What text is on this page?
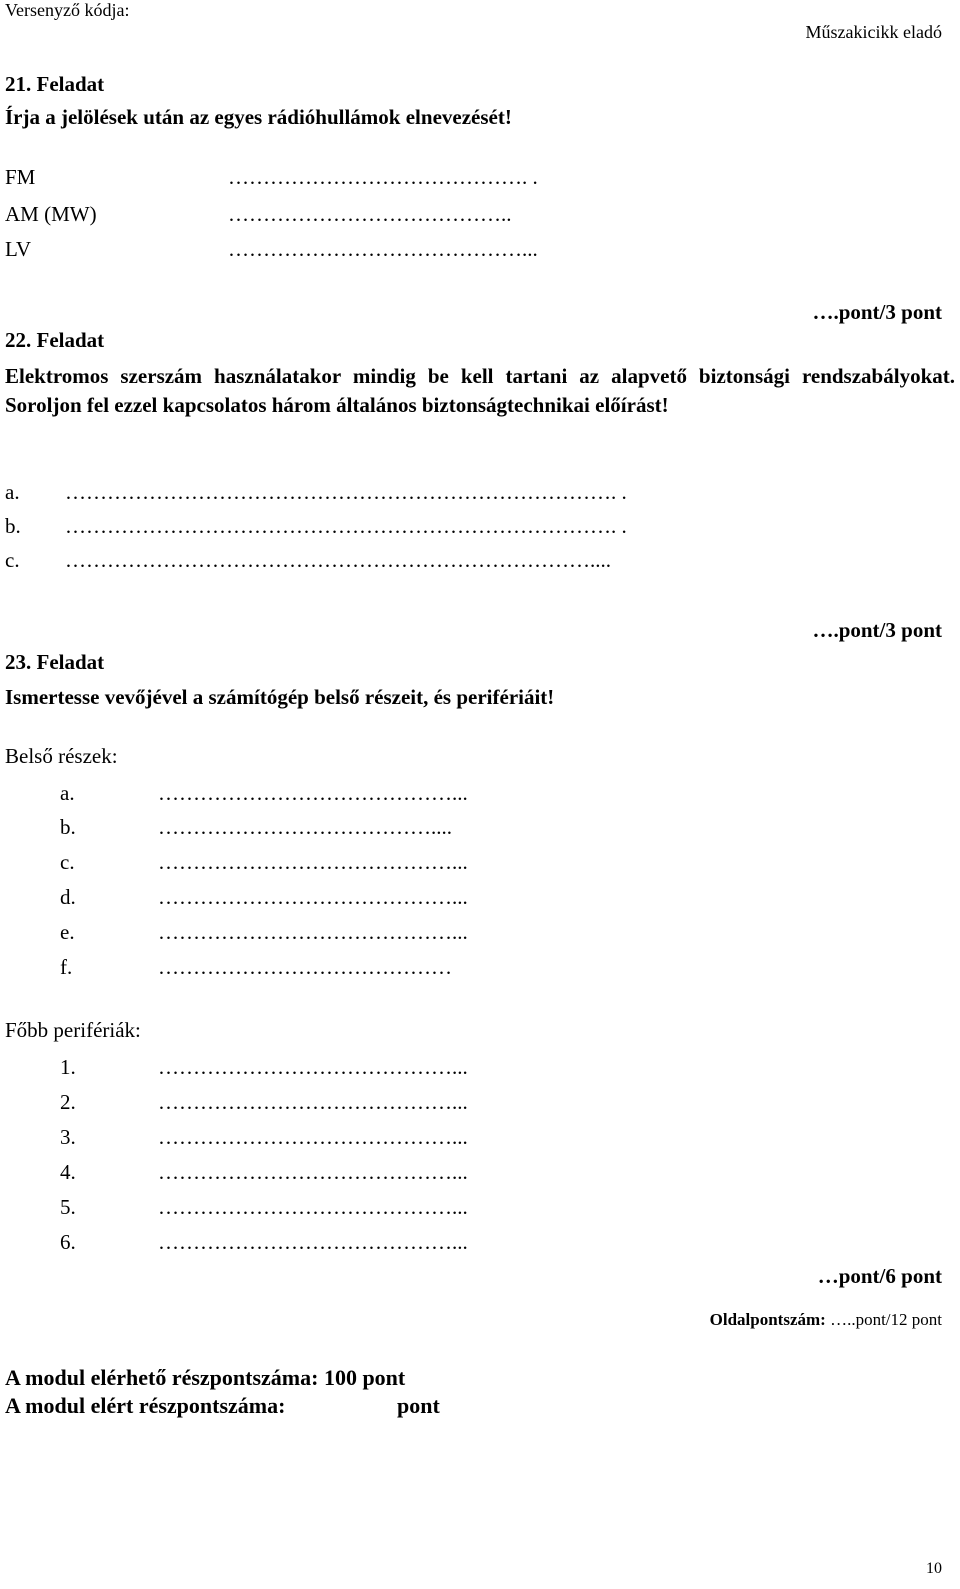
Versenyző kódja:
Műszakicikk eladó
21. Feladat
Írja a jelölések után az egyes rádióhullámok elnevezését!
FM	……………………………………. .
AM (MW)	…………………………………..
LV	……………………………………...
….pont/3 pont
22. Feladat
Elektromos szerszám használatakor mindig be kell tartani az alapvető biztonsági rendszabályokat. Soroljon fel ezzel kapcsolatos három általános biztonságtechnikai előírást!
a. ……………………………………………………………………. .
b. ……………………………………………………………………. .
c. …………………………………………………………………....
….pont/3 pont
23. Feladat
Ismertesse vevőjével a számítógép belső részeit, és perifériáit!
Belső részek:
a.	……………………………………...
b.	…………………………………....
c.	……………………………………...
d.	……………………………………...
e.	……………………………………...
f.	……………………………………
Főbb perifériák:
1.	……………………………………...
2.	……………………………………...
3.	……………………………………...
4.	……………………………………...
5.	……………………………………...
6.	……………………………………...
…pont/6 pont
Oldalpontszám: …..pont/12 pont
A modul elérhető részpontszáma: 100 pont
A modul elért részpontszáma:	pont
10
